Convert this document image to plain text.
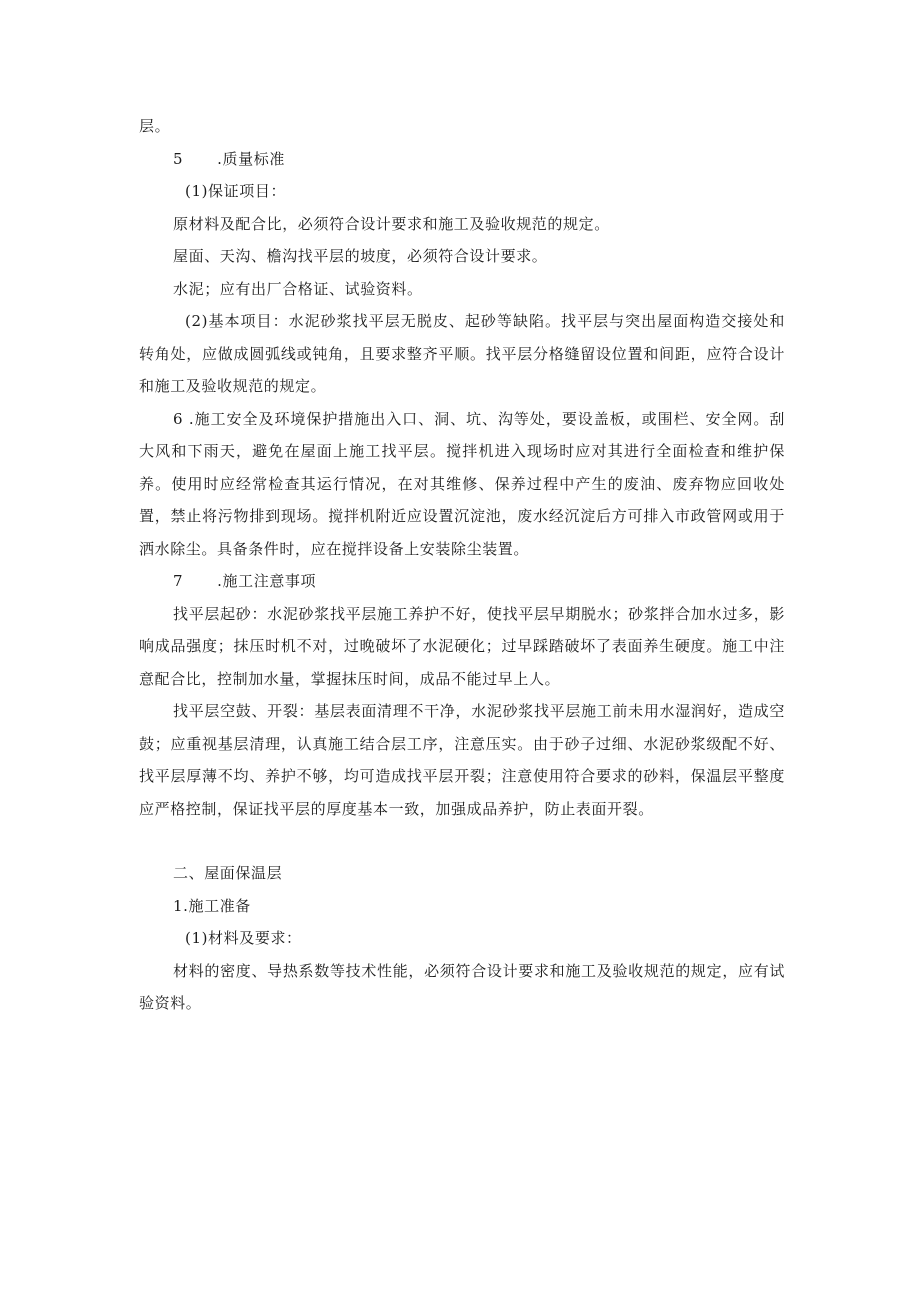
层。

5 .质量标准

(1)保证项目：

原材料及配合比，必须符合设计要求和施工及验收规范的规定。

屋面、天沟、檐沟找平层的坡度，必须符合设计要求。

水泥；应有出厂合格证、试验资料。

(2)基本项目：水泥砂浆找平层无脱皮、起砂等缺陷。找平层与突出屋面构造交接处和转角处，应做成圆弧线或钝角，且要求整齐平顺。找平层分格缝留设位置和间距，应符合设计和施工及验收规范的规定。

6 .施工安全及环境保护措施出入口、洞、坑、沟等处，要设盖板，或围栏、安全网。刮大风和下雨天，避免在屋面上施工找平层。搅拌机进入现场时应对其进行全面检查和维护保养。使用时应经常检查其运行情况，在对其维修、保养过程中产生的废油、废弃物应回收处置，禁止将污物排到现场。搅拌机附近应设置沉淀池，废水经沉淀后方可排入市政管网或用于洒水除尘。具备条件时，应在搅拌设备上安装除尘装置。

7 .施工注意事项

找平层起砂：水泥砂浆找平层施工养护不好，使找平层早期脱水；砂浆拌合加水过多，影响成品强度；抹压时机不对，过晚破坏了水泥硬化；过早踩踏破坏了表面养生硬度。施工中注意配合比，控制加水量，掌握抹压时间，成品不能过早上人。

找平层空鼓、开裂：基层表面清理不干净，水泥砂浆找平层施工前未用水湿润好，造成空鼓；应重视基层清理，认真施工结合层工序，注意压实。由于砂子过细、水泥砂浆级配不好、找平层厚薄不均、养护不够，均可造成找平层开裂；注意使用符合要求的砂料，保温层平整度应严格控制，保证找平层的厚度基本一致，加强成品养护，防止表面开裂。

二、屋面保温层

1.施工准备

(1)材料及要求：

材料的密度、导热系数等技术性能，必须符合设计要求和施工及验收规范的规定，应有试验资料。
